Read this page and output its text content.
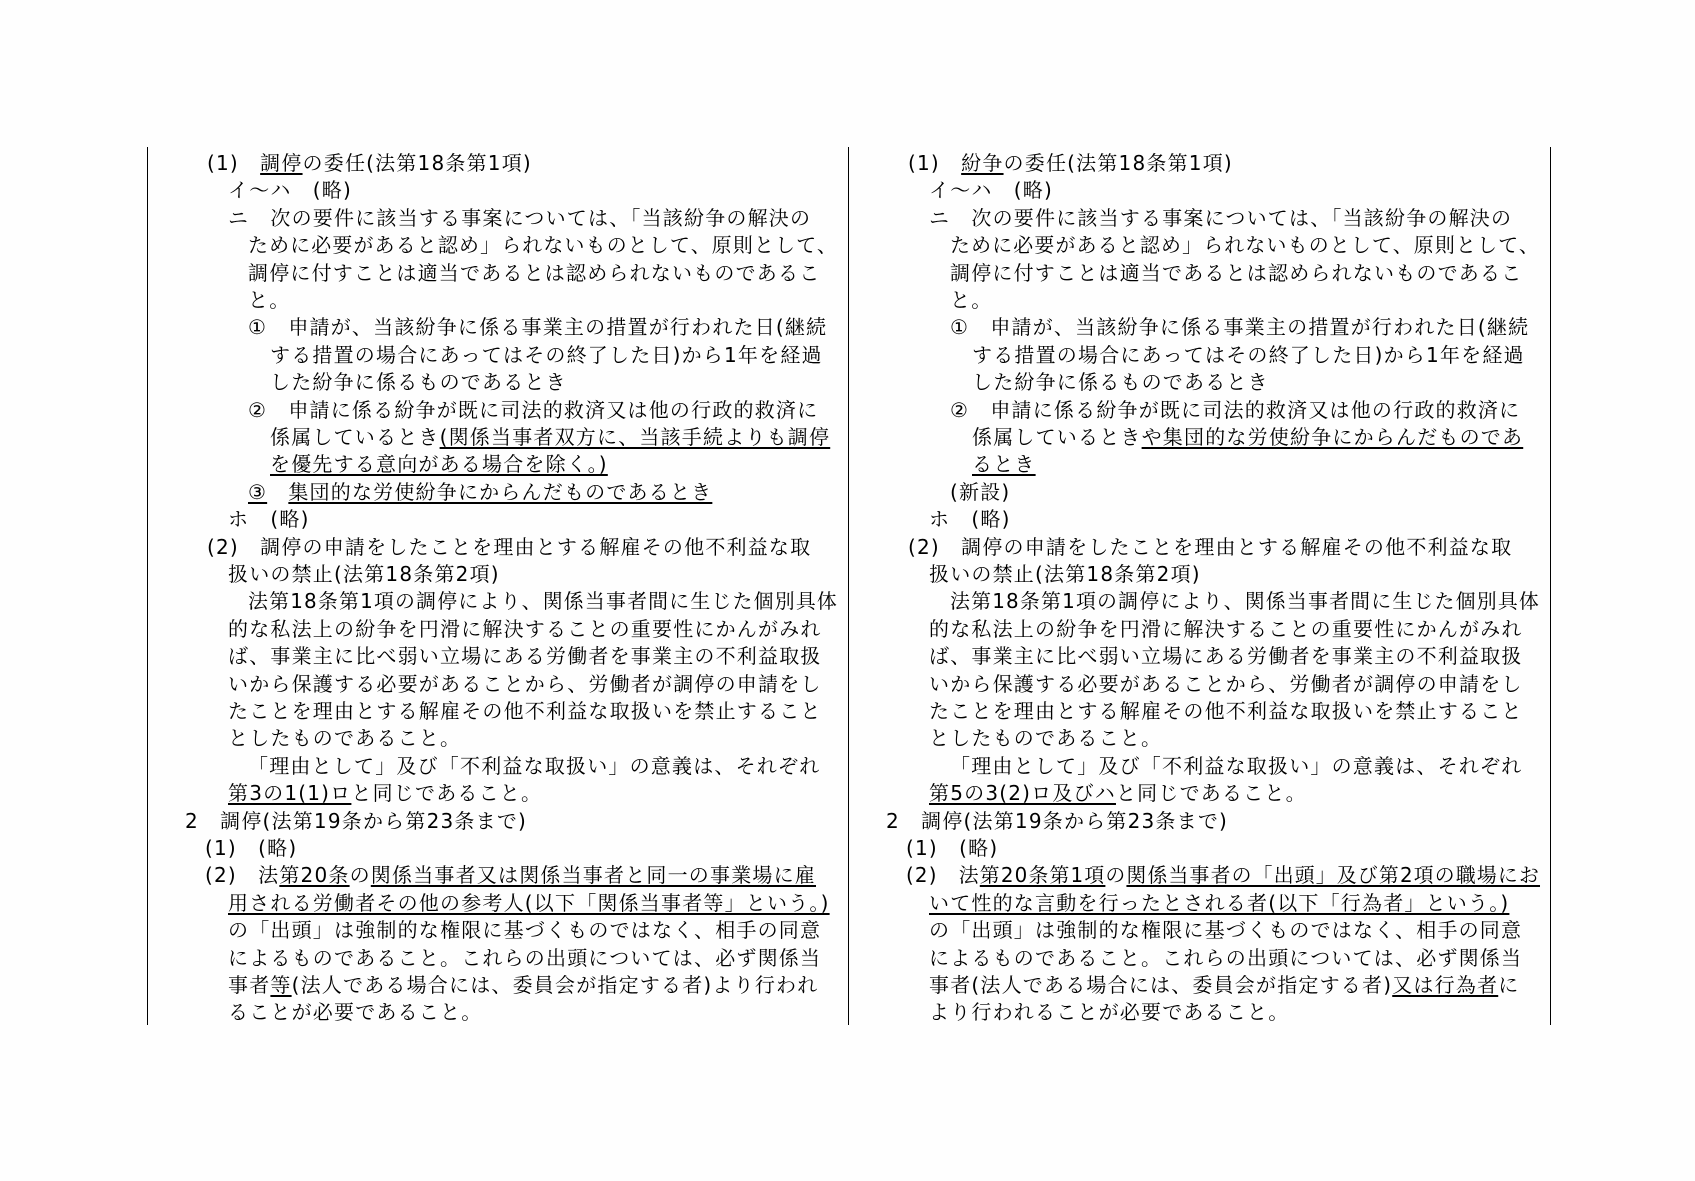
(1)　調停の委任(法第18条第1項)
イ～ハ　(略)
ニ　次の要件に該当する事案については、「当該紛争の解決の
ために必要があると認め」られないものとして、原則として、
調停に付すことは適当であるとは認められないものであるこ
と。
①　申請が、当該紛争に係る事業主の措置が行われた日(継続
する措置の場合にあってはその終了した日)から1年を経過
した紛争に係るものであるとき
②　申請に係る紛争が既に司法的救済又は他の行政的救済に
係属しているとき(関係当事者双方に、当該手続よりも調停
を優先する意向がある場合を除く。)
③　 集団的な労使紛争にからんだものであるとき
ホ　(略)
(2)　調停の申請をしたことを理由とする解雇その他不利益な取
扱いの禁止(法第18条第2項)
法第18条第1項の調停により、関係当事者間に生じた個別具体
的な私法上の紛争を円滑に解決することの重要性にかんがみれ
ば、事業主に比べ弱い立場にある労働者を事業主の不利益取扱
いから保護する必要があることから、労働者が調停の申請をし
たことを理由とする解雇その他不利益な取扱いを禁止すること
としたものであること。
「理由として」及び「不利益な取扱い」の意義は、それぞれ
第3の1(1)ロと同じであること。
2　調停(法第19条から第23条まで)
(1)　(略)
(2)　法第20条の関係当事者又は関係当事者と同一の事業場に雇
用される労働者その他の参考人(以下「関係当事者等」という。)
の「出頭」は強制的な権限に基づくものではなく、相手の同意
によるものであること。これらの出頭については、必ず関係当
事者等(法人である場合には、委員会が指定する者)より行われ
ることが必要であること。
(1)　紛争の委任(法第18条第1項)
イ～ハ　(略)
ニ　次の要件に該当する事案については、「当該紛争の解決の
ために必要があると認め」られないものとして、原則として、
調停に付すことは適当であるとは認められないものであるこ
と。
①　申請が、当該紛争に係る事業主の措置が行われた日(継続
する措置の場合にあってはその終了した日)から1年を経過
した紛争に係るものであるとき
②　申請に係る紛争が既に司法的救済又は他の行政的救済に
係属しているときや集団的な労使紛争にからんだものであ
るとき
(新設)
ホ　(略)
(2)　調停の申請をしたことを理由とする解雇その他不利益な取
扱いの禁止(法第18条第2項)
法第18条第1項の調停により、関係当事者間に生じた個別具体
的な私法上の紛争を円滑に解決することの重要性にかんがみれ
ば、事業主に比べ弱い立場にある労働者を事業主の不利益取扱
いから保護する必要があることから、労働者が調停の申請をし
たことを理由とする解雇その他不利益な取扱いを禁止すること
としたものであること。
「理由として」及び「不利益な取扱い」の意義は、それぞれ
第5の3(2)ロ及びハと同じであること。
2　調停(法第19条から第23条まで)
(1)　(略)
(2)　法第20条第1項の関係当事者の「出頭」及び第2項の職場にお
いて性的な言動を行ったとされる者(以下「行為者」という。)
の「出頭」は強制的な権限に基づくものではなく、相手の同意
によるものであること。これらの出頭については、必ず関係当
事者(法人である場合には、委員会が指定する者)又は行為者に
より行われることが必要であること。
